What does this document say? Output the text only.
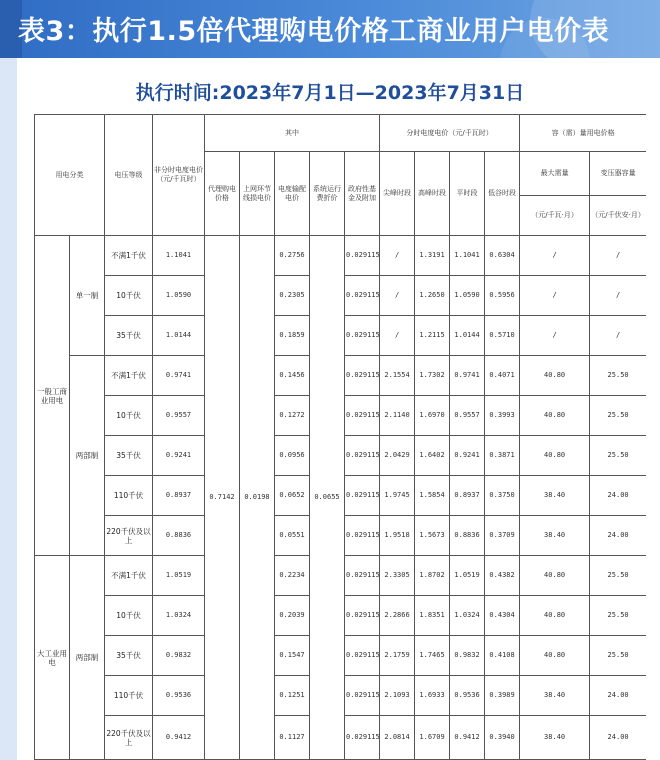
表3：执行1.5倍代理购电价格工商业用户电价表
执行时间:2023年7月1日—2023年7月31日
用电分类		电压等级	非分时电度电价（元/千瓦时）	其中					分时电度电价（元/千瓦时）				容（需）量用电价格	
				代理购电价格	上网环节线损电价	电度输配电价	系统运行费折价	政府性基金及附加	尖峰时段	高峰时段	平时段	低谷时段	最大需量	变压器容量
													（元/千瓦·月）	（元/千伏安·月）
一般工商业用电	单一制	不满1千伏	1.1041	0.7142	0.0198	0.2756	0.0655	0.029115	/	1.3191	1.1041	0.6304	/	/
		10千伏	1.0590			0.2305		0.029115	/	1.2650	1.0590	0.5956	/	/
		35千伏	1.0144			0.1859		0.029115	/	1.2115	1.0144	0.5710	/	/
	两部制	不满1千伏	0.9741			0.1456		0.029115	2.1554	1.7302	0.9741	0.4071	40.80	25.50
		10千伏	0.9557			0.1272		0.029115	2.1140	1.6970	0.9557	0.3993	40.80	25.50
		35千伏	0.9241			0.0956		0.029115	2.0429	1.6402	0.9241	0.3871	40.80	25.50
		110千伏	0.8937			0.0652		0.029115	1.9745	1.5854	0.8937	0.3750	38.40	24.00
		220千伏及以上	0.8836			0.0551		0.029115	1.9518	1.5673	0.8836	0.3709	38.40	24.00
大工业用电	两部制	不满1千伏	1.0519			0.2234		0.029115	2.3305	1.8702	1.0519	0.4382	40.80	25.50
		10千伏	1.0324			0.2039		0.029115	2.2866	1.8351	1.0324	0.4304	40.80	25.50
		35千伏	0.9832			0.1547		0.029115	2.1759	1.7465	0.9832	0.4108	40.80	25.50
		110千伏	0.9536			0.1251		0.029115	2.1093	1.6933	0.9536	0.3989	38.40	24.00
		220千伏及以上	0.9412			0.1127		0.029115	2.0814	1.6709	0.9412	0.3940	38.40	24.00
